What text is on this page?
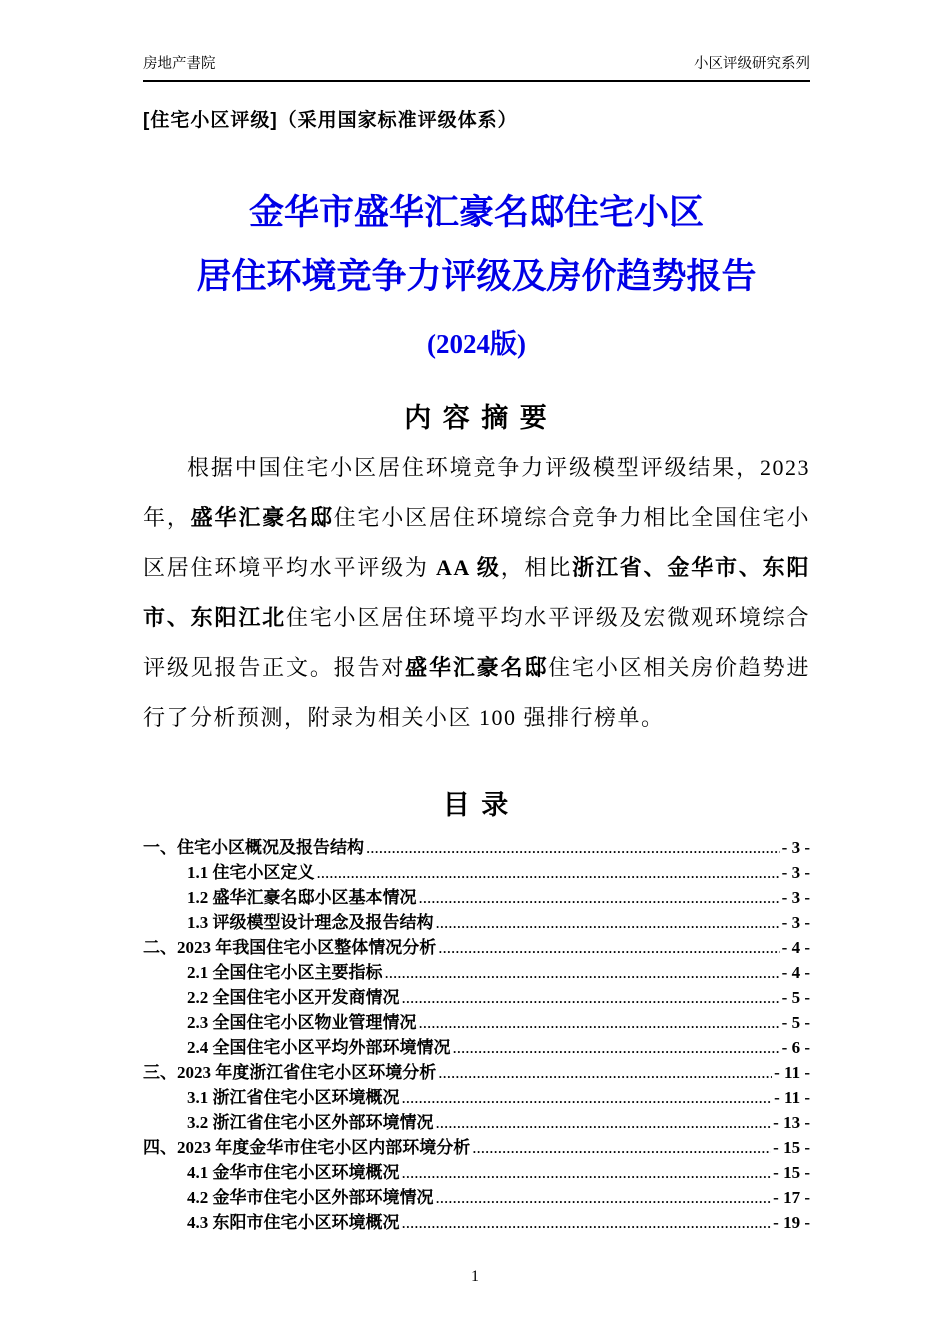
房地产書院	小区评级研究系列
[住宅小区评级]（采用国家标准评级体系）
金华市盛华汇豪名邸住宅小区
居住环境竞争力评级及房价趋势报告
(2024版)
内 容 摘 要

根据中国住宅小区居住环境竞争力评级模型评级结果，2023 年，盛华汇豪名邸住宅小区居住环境综合竞争力相比全国住宅小区居住环境平均水平评级为 AA 级，相比浙江省、金华市、东阳市、东阳江北住宅小区居住环境平均水平评级及宏微观环境综合评级见报告正文。报告对盛华汇豪名邸住宅小区相关房价趋势进行了分析预测，附录为相关小区 100 强排行榜单。

目 录
一、住宅小区概况及报告结构 .....	- 3 -
1.1 住宅小区定义 .....	- 3 -
1.2 盛华汇豪名邸小区基本情况 .....	- 3 -
1.3 评级模型设计理念及报告结构 .....	- 3 -
二、2023 年我国住宅小区整体情况分析 .....	- 4 -
2.1 全国住宅小区主要指标 .....	- 4 -
2.2 全国住宅小区开发商情况 .....	- 5 -
2.3 全国住宅小区物业管理情况 .....	- 5 -
2.4 全国住宅小区平均外部环境情况 .....	- 6 -
三、2023 年度浙江省住宅小区环境分析 .....	- 11 -
3.1 浙江省住宅小区环境概况 .....	- 11 -
3.2 浙江省住宅小区外部环境情况 .....	- 13 -
四、2023 年度金华市住宅小区内部环境分析 .....	- 15 -
4.1 金华市住宅小区环境概况 .....	- 15 -
4.2 金华市住宅小区外部环境情况 .....	- 17 -
4.3 东阳市住宅小区环境概况 .....	- 19 -
1
